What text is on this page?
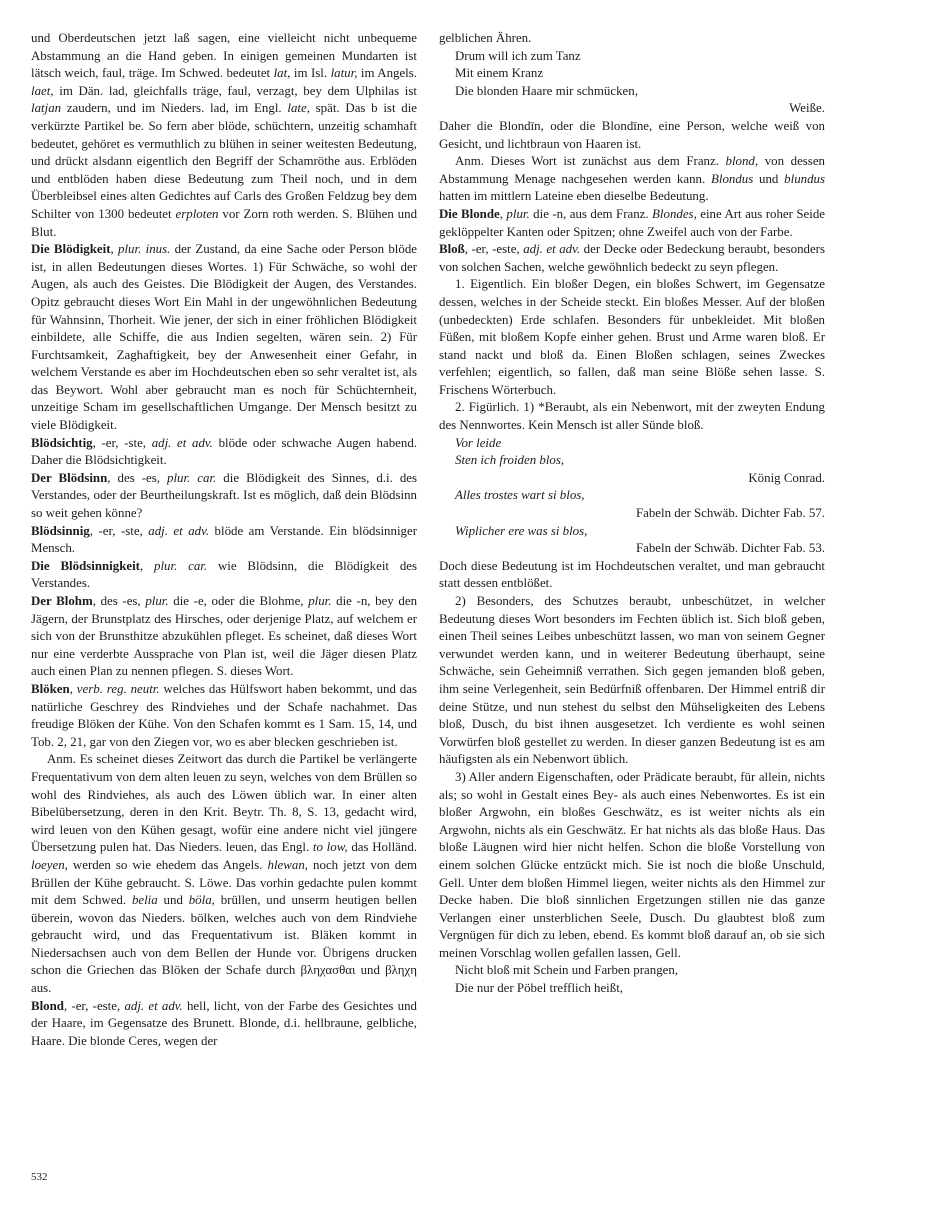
und Oberdeutschen jetzt laß sagen, eine vielleicht nicht unbequeme Abstammung an die Hand geben. In einigen gemeinen Mundarten ist lätsch weich, faul, träge. Im Schwed. bedeutet lat, im Isl. latur, im Angels. laet, im Dän. lad, gleichfalls träge, faul, verzagt, bey dem Ulphilas ist latjan zaudern, und im Nieders. lad, im Engl. late, spät. Das b ist die verkürzte Partikel be. So fern aber blöde, schüchtern, unzeitig schamhaft bedeutet, gehöret es vermuthlich zu blühen in seiner weitesten Bedeutung, und drückt alsdann eigentlich den Begriff der Schamröthe aus. Erblöden und entblöden haben diese Bedeutung zum Theil noch, und in dem Überbleibsel eines alten Gedichtes auf Carls des Großen Feldzug bey dem Schilter von 1300 bedeutet erploten vor Zorn roth werden. S. Blühen und Blut.

Die Blödigkeit, plur. inus. der Zustand, da eine Sache oder Person blöde ist, in allen Bedeutungen dieses Wortes. 1) Für Schwäche, so wohl der Augen, als auch des Geistes. Die Blödigkeit der Augen, des Verstandes. Opitz gebraucht dieses Wort Ein Mahl in der ungewöhnlichen Bedeutung für Wahnsinn, Thorheit. Wie jener, der sich in einer fröhlichen Blödigkeit einbildete, alle Schiffe, die aus Indien segelten, wären sein. 2) Für Furchtsamkeit, Zaghaftigkeit, bey der Anwesenheit einer Gefahr, in welchem Verstande es aber im Hochdeutschen eben so sehr veraltet ist, als das Beywort. Wohl aber gebraucht man es noch für Schüchternheit, unzeitige Scham im gesellschaftlichen Umgange. Der Mensch besitzt zu viele Blödigkeit.

Blödsichtig, -er, -ste, adj. et adv. blöde oder schwache Augen habend. Daher die Blödsichtigkeit.

Der Blödsinn, des -es, plur. car. die Blödigkeit des Sinnes, d.i. des Verstandes, oder der Beurtheilungskraft. Ist es möglich, daß dein Blödsinn so weit gehen könne?

Blödsinnig, -er, -ste, adj. et adv. blöde am Verstande. Ein blödsinniger Mensch.

Die Blödsinnigkeit, plur. car. wie Blödsinn, die Blödigkeit des Verstandes.

Der Blohm, des -es, plur. die -e, oder die Blohme, plur. die -n, bey den Jägern, der Brunstplatz des Hirsches, oder derjenige Platz, auf welchem er sich von der Brunsthitze abzukühlen pfleget. Es scheinet, daß dieses Wort nur eine verderbte Aussprache von Plan ist, weil die Jäger diesen Platz auch einen Plan zu nennen pflegen. S. dieses Wort.

Blöken, verb. reg. neutr. welches das Hülfswort haben bekommt, und das natürliche Geschrey des Rindviehes und der Schafe nachahmet. Das freudige Blöken der Kühe. Von den Schafen kommt es 1 Sam. 15, 14, und Tob. 2, 21, gar von den Ziegen vor, wo es aber blecken geschrieben ist.

Anm. Es scheinet dieses Zeitwort das durch die Partikel be verlängerte Frequentativum von dem alten leuen zu seyn, welches von dem Brüllen so wohl des Rindviehes, als auch des Löwen üblich war. In einer alten Bibelübersetzung, deren in den Krit. Beytr. Th. 8, S. 13, gedacht wird, wird leuen von den Kühen gesagt, wofür eine andere nicht viel jüngere Übersetzung pulen hat. Das Nieders. leuen, das Engl. to low, das Holländ. loeyen, werden so wie ehedem das Angels. hlewan, noch jetzt von dem Brüllen der Kühe gebraucht. S. Löwe. Das vorhin gedachte pulen kommt mit dem Schwed. belia und böla, brüllen, und unserm heutigen bellen überein, wovon das Nieders. bölken, welches auch von dem Rindviehe gebraucht wird, und das Frequentativum ist. Bläken kommt in Niedersachsen auch von dem Bellen der Hunde vor. Übrigens drucken schon die Griechen das Blöken der Schafe durch βληχασθαι und βληχη aus.

Blond, -er, -este, adj. et adv. hell, licht, von der Farbe des Gesichtes und der Haare, im Gegensatze des Brunett. Blonde, d.i. hellbraune, gelbliche, Haare. Die blonde Ceres, wegen der

gelblichen Ähren.

Drum will ich zum Tanz

Mit einem Kranz

Die blonden Haare mir schmücken,

Weiße.

Daher die Blondīn, oder die Blondīne, eine Person, welche weiß von Gesicht, und lichtbraun von Haaren ist.

Anm. Dieses Wort ist zunächst aus dem Franz. blond, von dessen Abstammung Menage nachgesehen werden kann. Blondus und blundus hatten im mittlern Lateine eben dieselbe Bedeutung.

Die Blonde, plur. die -n, aus dem Franz. Blondes, eine Art aus roher Seide geklöppelter Kanten oder Spitzen; ohne Zweifel auch von der Farbe.

Bloß, -er, -este, adj. et adv. der Decke oder Bedeckung beraubt, besonders von solchen Sachen, welche gewöhnlich bedeckt zu seyn pflegen.

1. Eigentlich. Ein bloßer Degen, ein bloßes Schwert, im Gegensatze dessen, welches in der Scheide steckt. Ein bloßes Messer. Auf der bloßen (unbedeckten) Erde schlafen. Besonders für unbekleidet. Mit bloßen Füßen, mit bloßem Kopfe einher gehen. Brust und Arme waren bloß. Er stand nackt und bloß da. Einen Bloßen schlagen, seines Zweckes verfehlen; eigentlich, so fallen, daß man seine Blöße sehen lasse. S. Frischens Wörterbuch.

2. Figürlich. 1) *Beraubt, als ein Nebenwort, mit der zweyten Endung des Nennwortes. Kein Mensch ist aller Sünde bloß.

Vor leide

Sten ich froiden blos,

König Conrad.

Alles trostes wart si blos,

Fabeln der Schwäb. Dichter Fab. 57.

Wiplicher ere was si blos,

Fabeln der Schwäb. Dichter Fab. 53.

Doch diese Bedeutung ist im Hochdeutschen veraltet, und man gebraucht statt dessen entblößet.

2) Besonders, des Schutzes beraubt, unbeschützet, in welcher Bedeutung dieses Wort besonders im Fechten üblich ist. Sich bloß geben, einen Theil seines Leibes unbeschützt lassen, wo man von seinem Gegner verwundet werden kann, und in weiterer Bedeutung überhaupt, seine Schwäche, sein Geheimniß verrathen. Sich gegen jemanden bloß geben, ihm seine Verlegenheit, sein Bedürfniß offenbaren. Der Himmel entriß dir deine Stütze, und nun stehest du selbst den Mühseligkeiten des Lebens bloß, Dusch, du bist ihnen ausgesetzet. Ich verdiente es wohl seinen Vorwürfen bloß gestellet zu werden. In dieser ganzen Bedeutung ist es am häufigsten als ein Nebenwort üblich.

3) Aller andern Eigenschaften, oder Prädicate beraubt, für allein, nichts als; so wohl in Gestalt eines Bey- als auch eines Nebenwortes. Es ist ein bloßer Argwohn, ein bloßes Geschwätz, es ist weiter nichts als ein Argwohn, nichts als ein Geschwätz. Er hat nichts als das bloße Haus. Das bloße Läugnen wird hier nicht helfen. Schon die bloße Vorstellung von einem solchen Glücke entzückt mich. Sie ist noch die bloße Unschuld, Gell. Unter dem bloßen Himmel liegen, weiter nichts als den Himmel zur Decke haben. Die bloß sinnlichen Ergetzungen stillen nie das ganze Verlangen einer unsterblichen Seele, Dusch. Du glaubtest bloß zum Vergnügen für dich zu leben, ebend. Es kommt bloß darauf an, ob sie sich meinen Vorschlag wollen gefallen lassen, Gell.

Nicht bloß mit Schein und Farben prangen,

Die nur der Pöbel trefflich heißt,

532
